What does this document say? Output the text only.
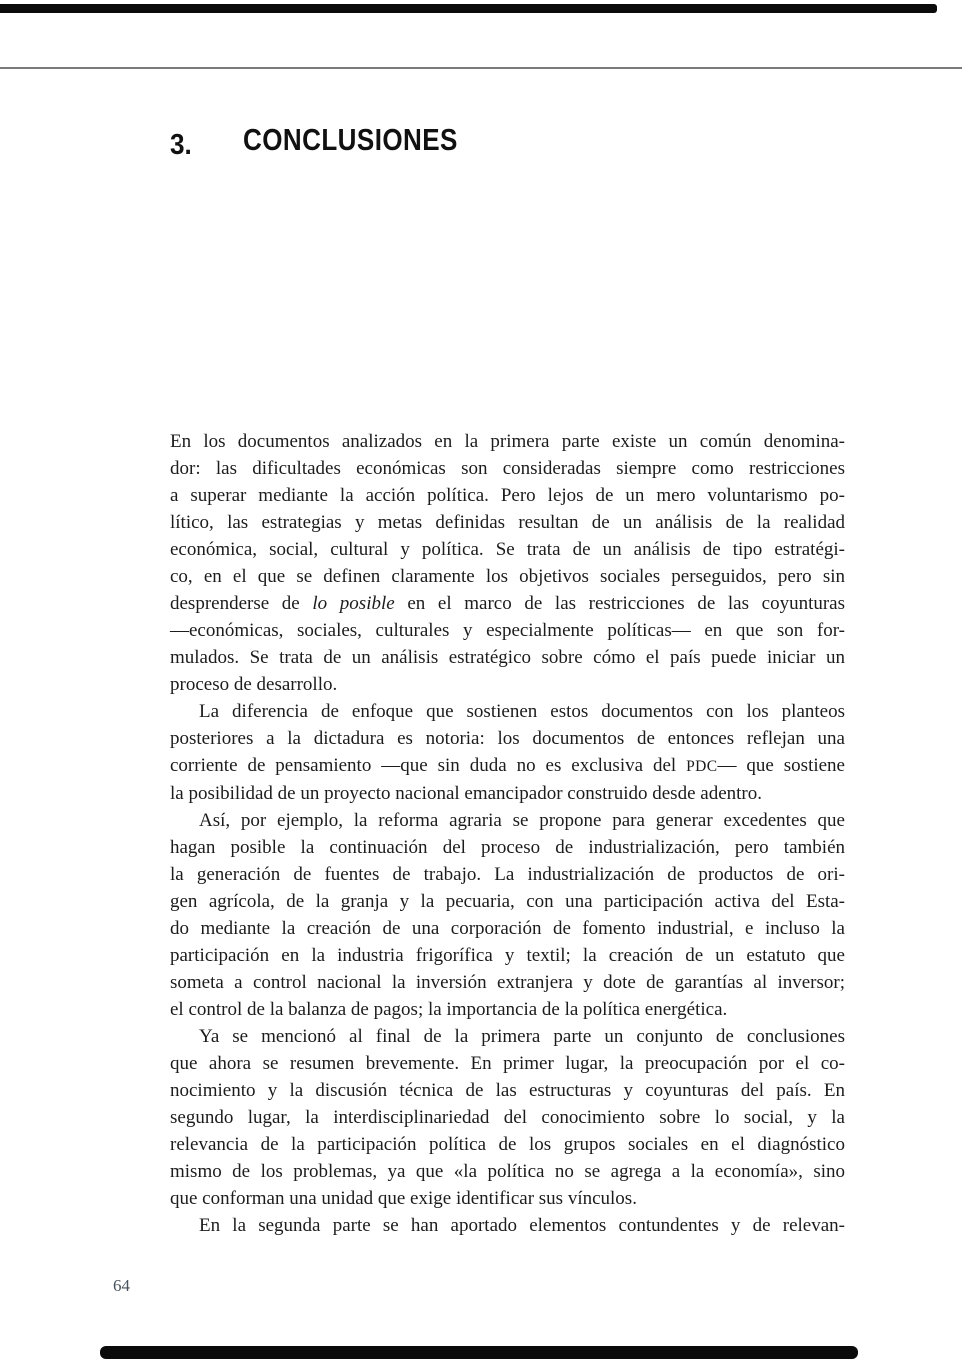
3. CONCLUSIONES
En los documentos analizados en la primera parte existe un común denomina-
dor: las dificultades económicas son consideradas siempre como restricciones
a superar mediante la acción política. Pero lejos de un mero voluntarismo po-
lítico, las estrategias y metas definidas resultan de un análisis de la realidad
económica, social, cultural y política. Se trata de un análisis de tipo estratégi-
co, en el que se definen claramente los objetivos sociales perseguidos, pero sin
desprenderse de lo posible en el marco de las restricciones de las coyunturas
—económicas, sociales, culturales y especialmente políticas— en que son for-
mulados. Se trata de un análisis estratégico sobre cómo el país puede iniciar un
proceso de desarrollo.
La diferencia de enfoque que sostienen estos documentos con los planteos
posteriores a la dictadura es notoria: los documentos de entonces reflejan una
corriente de pensamiento —que sin duda no es exclusiva del PDC— que sostiene
la posibilidad de un proyecto nacional emancipador construido desde adentro.
Así, por ejemplo, la reforma agraria se propone para generar excedentes que
hagan posible la continuación del proceso de industrialización, pero también
la generación de fuentes de trabajo. La industrialización de productos de ori-
gen agrícola, de la granja y la pecuaria, con una participación activa del Esta-
do mediante la creación de una corporación de fomento industrial, e incluso la
participación en la industria frigorífica y textil; la creación de un estatuto que
someta a control nacional la inversión extranjera y dote de garantías al inversor;
el control de la balanza de pagos; la importancia de la política energética.
Ya se mencionó al final de la primera parte un conjunto de conclusiones
que ahora se resumen brevemente. En primer lugar, la preocupación por el co-
nocimiento y la discusión técnica de las estructuras y coyunturas del país. En
segundo lugar, la interdisciplinariedad del conocimiento sobre lo social, y la
relevancia de la participación política de los grupos sociales en el diagnóstico
mismo de los problemas, ya que «la política no se agrega a la economía», sino
que conforman una unidad que exige identificar sus vínculos.
En la segunda parte se han aportado elementos contundentes y de relevan-
64
